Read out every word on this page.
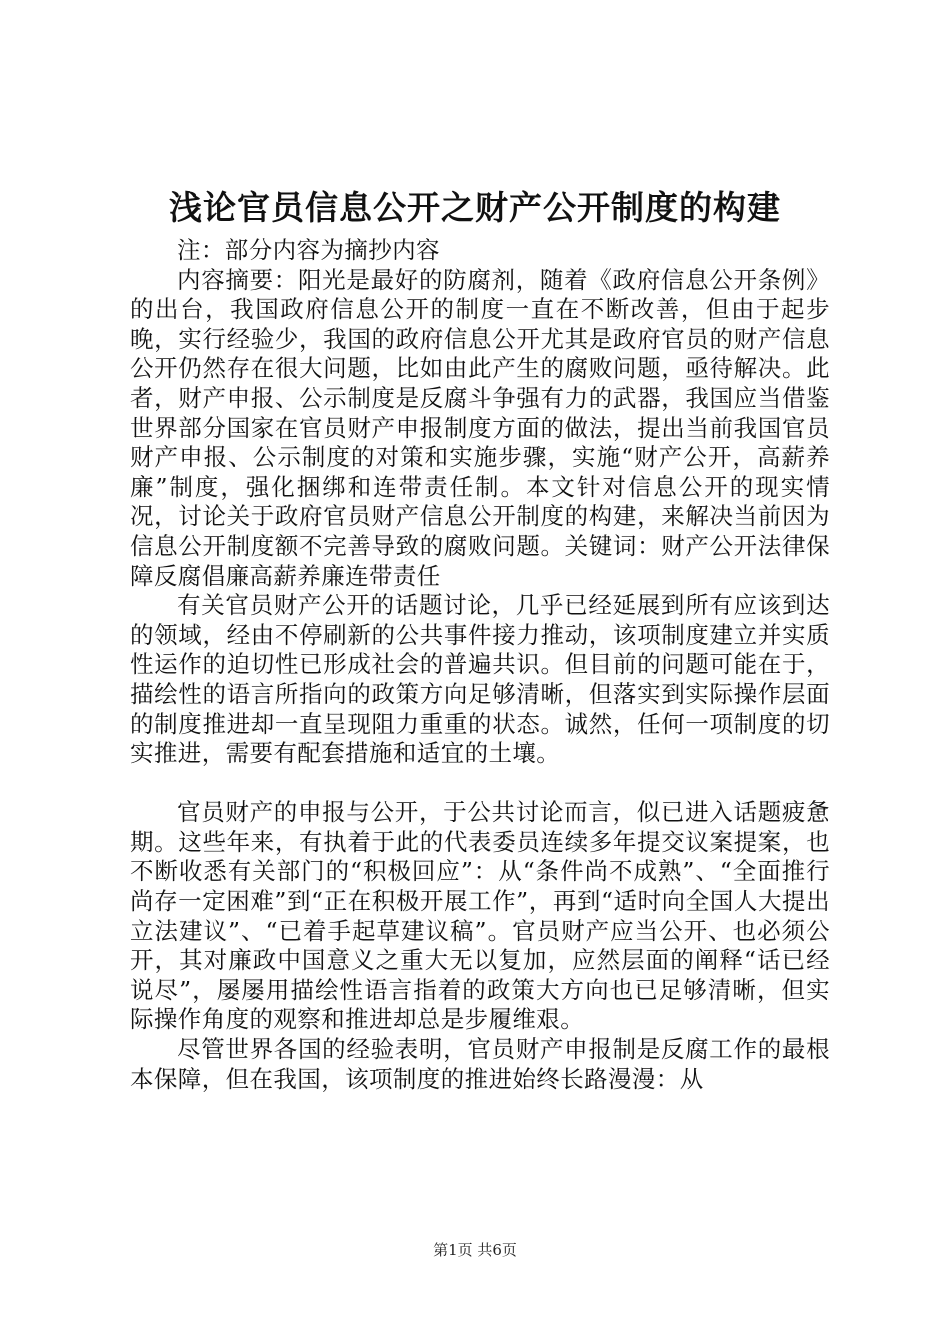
浅论官员信息公开之财产公开制度的构建

注：部分内容为摘抄内容

内容摘要：阳光是最好的防腐剂，随着《政府信息公开条例》的出台，我国政府信息公开的制度一直在不断改善，但由于起步晚，实行经验少，我国的政府信息公开尤其是政府官员的财产信息公开仍然存在很大问题，比如由此产生的腐败问题，亟待解决。此者，财产申报、公示制度是反腐斗争强有力的武器，我国应当借鉴世界部分国家在官员财产申报制度方面的做法，提出当前我国官员财产申报、公示制度的对策和实施步骤，实施“财产公开，高薪养廉”制度，强化捆绑和连带责任制。本文针对信息公开的现实情况，讨论关于政府官员财产信息公开制度的构建，来解决当前因为信息公开制度额不完善导致的腐败问题。关键词：财产公开法律保障反腐倡廉高薪养廉连带责任

有关官员财产公开的话题讨论，几乎已经延展到所有应该到达的领域，经由不停刷新的公共事件接力推动，该项制度建立并实质性运作的迫切性已形成社会的普遍共识。但目前的问题可能在于，描绘性的语言所指向的政策方向足够清晰，但落实到实际操作层面的制度推进却一直呈现阻力重重的状态。诚然，任何一项制度的切实推进，需要有配套措施和适宜的土壤。

官员财产的申报与公开，于公共讨论而言，似已进入话题疲惫期。这些年来，有执着于此的代表委员连续多年提交议案提案，也不断收悉有关部门的“积极回应”：从“条件尚不成熟”、“全面推行尚存一定困难”到“正在积极开展工作”，再到“适时向全国人大提出立法建议”、“已着手起草建议稿”。官员财产应当公开、也必须公开，其对廉政中国意义之重大无以复加，应然层面的阐释“话已经说尽”，屡屡用描绘性语言指着的政策大方向也已足够清晰，但实际操作角度的观察和推进却总是步履维艰。

尽管世界各国的经验表明，官员财产申报制是反腐工作的最根本保障，但在我国，该项制度的推进始终长路漫漫：从

第1页 共6页
